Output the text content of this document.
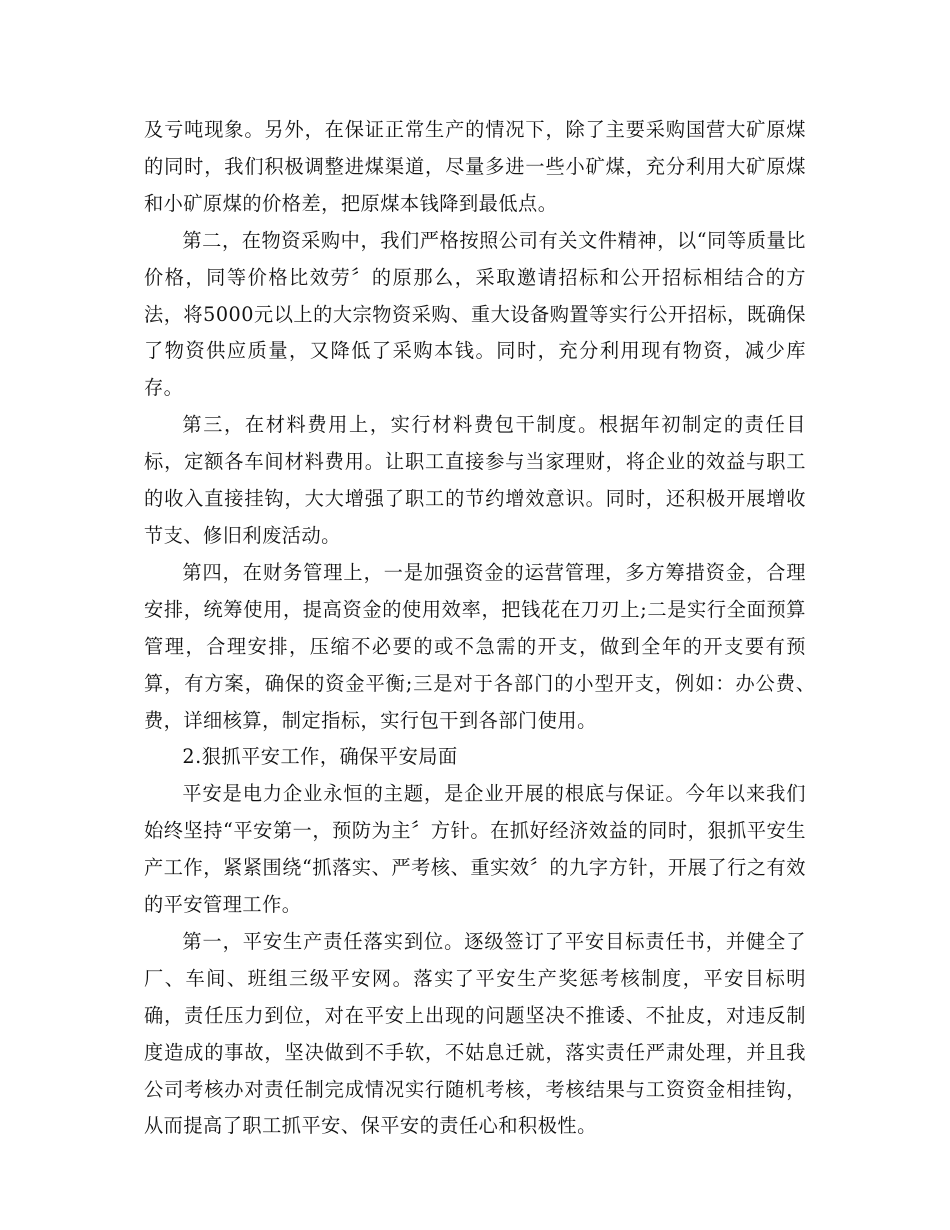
及亏吨现象。另外，在保证正常生产的情况下，除了主要采购国营大矿原煤的同时，我们积极调整进煤渠道，尽量多进一些小矿煤，充分利用大矿原煤和小矿原煤的价格差，把原煤本钱降到最低点。

第二，在物资采购中，我们严格按照公司有关文件精神，以“同等质量比价格，同等价格比效劳〞的原那么，采取邀请招标和公开招标相结合的方法，将5000元以上的大宗物资采购、重大设备购置等实行公开招标，既确保了物资供应质量，又降低了采购本钱。同时，充分利用现有物资，减少库存。

第三，在材料费用上，实行材料费包干制度。根据年初制定的责任目标，定额各车间材料费用。让职工直接参与当家理财，将企业的效益与职工的收入直接挂钩，大大增强了职工的节约增效意识。同时，还积极开展增收节支、修旧利废活动。

第四，在财务管理上，一是加强资金的运营管理，多方筹措资金，合理安排，统筹使用，提高资金的使用效率，把钱花在刀刃上;二是实行全面预算管理，合理安排，压缩不必要的或不急需的开支，做到全年的开支要有预算，有方案，确保的资金平衡;三是对于各部门的小型开支，例如：办公费、　费，详细核算，制定指标，实行包干到各部门使用。

2.狠抓平安工作，确保平安局面

平安是电力企业永恒的主题，是企业开展的根底与保证。今年以来我们始终坚持“平安第一，预防为主〞方针。在抓好经济效益的同时，狠抓平安生产工作，紧紧围绕“抓落实、严考核、重实效〞的九字方针，开展了行之有效的平安管理工作。

第一，平安生产责任落实到位。逐级签订了平安目标责任书，并健全了厂、车间、班组三级平安网。落实了平安生产奖惩考核制度，平安目标明确，责任压力到位，对在平安上出现的问题坚决不推诿、不扯皮，对违反制度造成的事故，坚决做到不手软，不姑息迁就，落实责任严肃处理，并且我公司考核办对责任制完成情况实行随机考核，考核结果与工资资金相挂钩，从而提高了职工抓平安、保平安的责任心和积极性。
